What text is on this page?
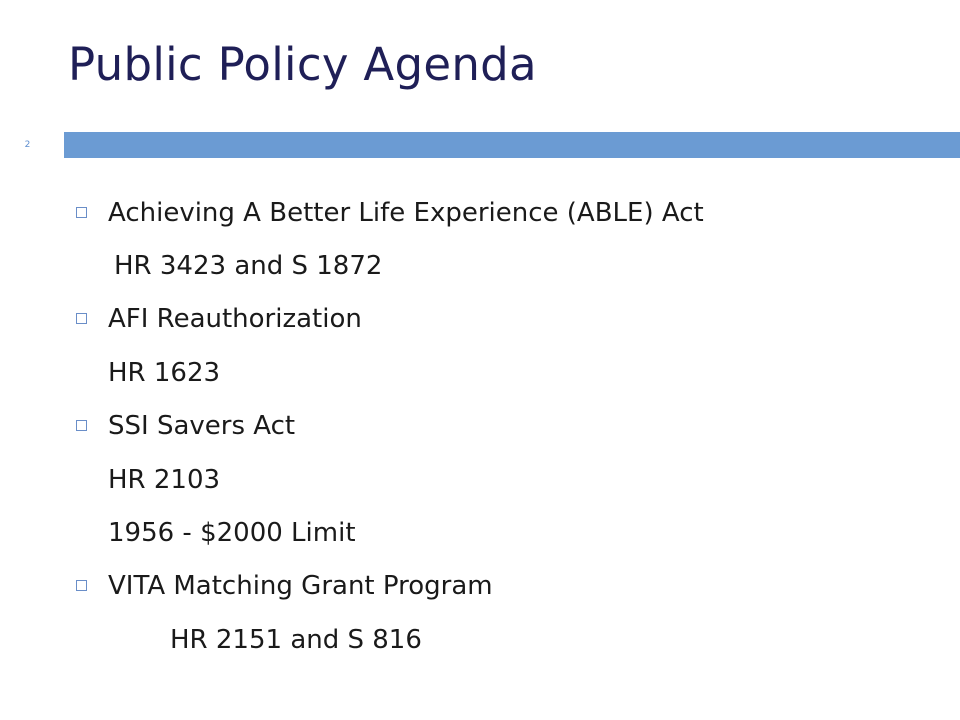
Public Policy Agenda
2
Achieving A Better Life Experience (ABLE) Act
HR 3423 and S 1872
AFI Reauthorization
HR 1623
SSI Savers Act
HR 2103
1956 - $2000 Limit
VITA Matching Grant Program
HR 2151 and S 816
